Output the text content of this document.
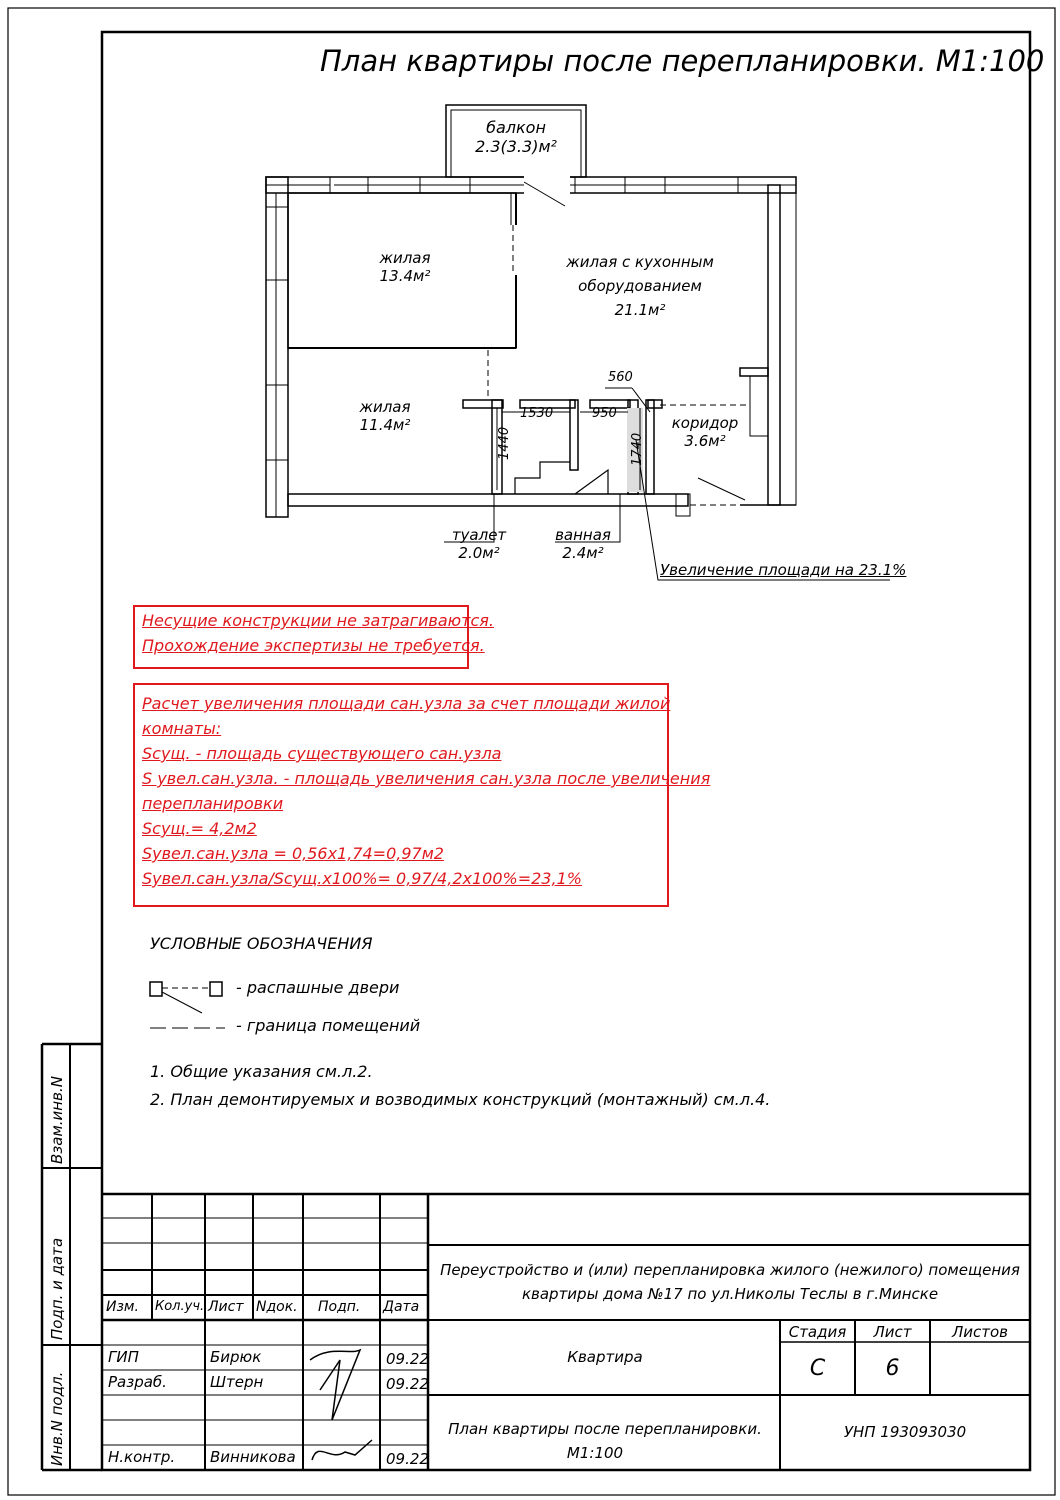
План квартиры после перепланировки. М1:100
балкон
2.3(3.3)м²
жилая
13.4м²
жилая с кухонным
оборудованием
21.1м²
жилая
11.4м²	коридор
3.6м²
туалет
2.0м²
ванная
2.4м²
560
1530	950
1440	1740
Увеличение площади на 23.1%
Несущие конструкции не затрагиваются.
Прохождение экспертизы не требуется.
Расчет увеличения площади сан.узла за счет площади жилой
комнаты:
Sсущ. - площадь существующего сан.узла
S увел.сан.узла. - площадь увеличения сан.узла после увеличения
перепланировки
Sсущ.= 4,2м2
Sувел.сан.узла = 0,56х1,74=0,97м2
Sувел.сан.узла/Sсущ.х100%= 0,97/4,2х100%=23,1%
УСЛОВНЫЕ ОБОЗНАЧЕНИЯ
- распашные двери
- граница помещений
1. Общие указания см.л.2.
2. План демонтируемых и возводимых конструкций (монтажный) см.л.4.
Взам.инв.N
Подп. и дата
Инв.N подл.
Изм. Кол.уч. Лист Nдок. Подп. Дата
ГИП	Бирюк	09.22
Разраб.	Штерн	09.22
Н.контр. Винникова	09.22
Переустройство и (или) перепланировка жилого (нежилого) помещения
квартиры дома №17 по ул.Николы Теслы в г.Минске
Квартира
План квартиры после перепланировки.
М1:100
Стадия	Лист	Листов
С	6
УНП 193093030
